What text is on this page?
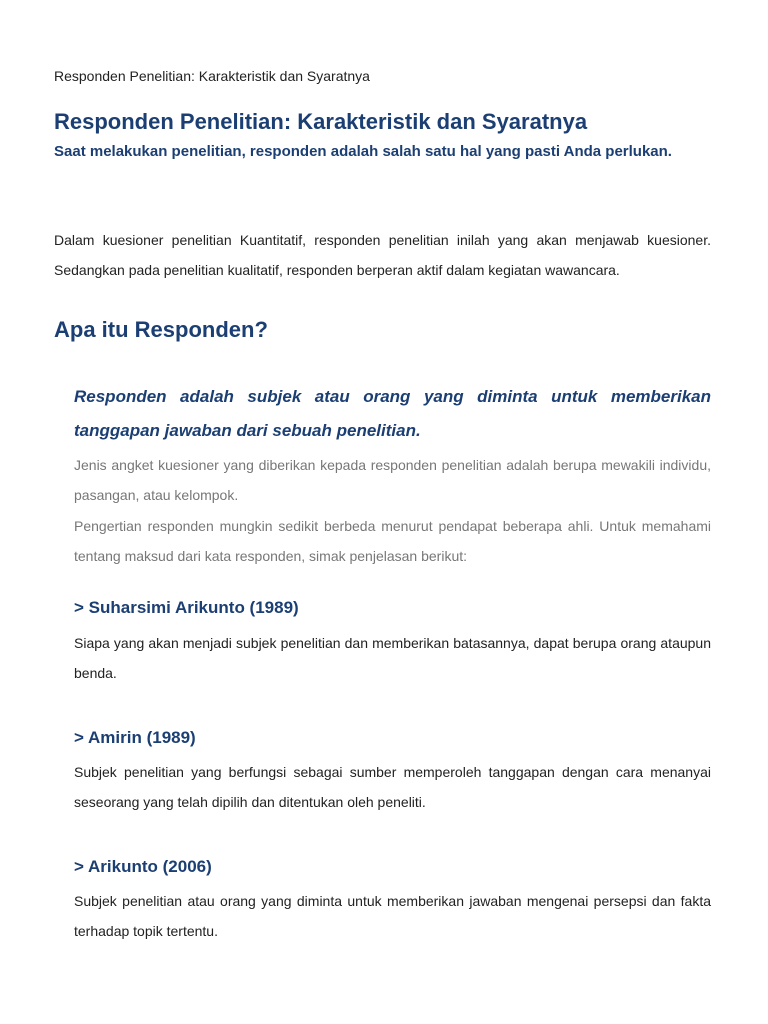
Responden Penelitian: Karakteristik dan Syaratnya
Responden Penelitian: Karakteristik dan Syaratnya

Saat melakukan penelitian, responden adalah salah satu hal yang pasti Anda perlukan.

Dalam kuesioner penelitian Kuantitatif, responden penelitian inilah yang akan menjawab kuesioner. Sedangkan pada penelitian kualitatif, responden berperan aktif dalam kegiatan wawancara.

Apa itu Responden?

Responden adalah subjek atau orang yang diminta untuk memberikan tanggapan jawaban dari sebuah penelitian.

Jenis angket kuesioner yang diberikan kepada responden penelitian adalah berupa mewakili individu, pasangan, atau kelompok.

Pengertian responden mungkin sedikit berbeda menurut pendapat beberapa ahli. Untuk memahami tentang maksud dari kata responden, simak penjelasan berikut:

> Suharsimi Arikunto (1989)

Siapa yang akan menjadi subjek penelitian dan memberikan batasannya, dapat berupa orang ataupun benda.

> Amirin (1989)

Subjek penelitian yang berfungsi sebagai sumber memperoleh tanggapan dengan cara menanyai seseorang yang telah dipilih dan ditentukan oleh peneliti.

> Arikunto (2006)

Subjek penelitian atau orang yang diminta untuk memberikan jawaban mengenai persepsi dan fakta terhadap topik tertentu.
